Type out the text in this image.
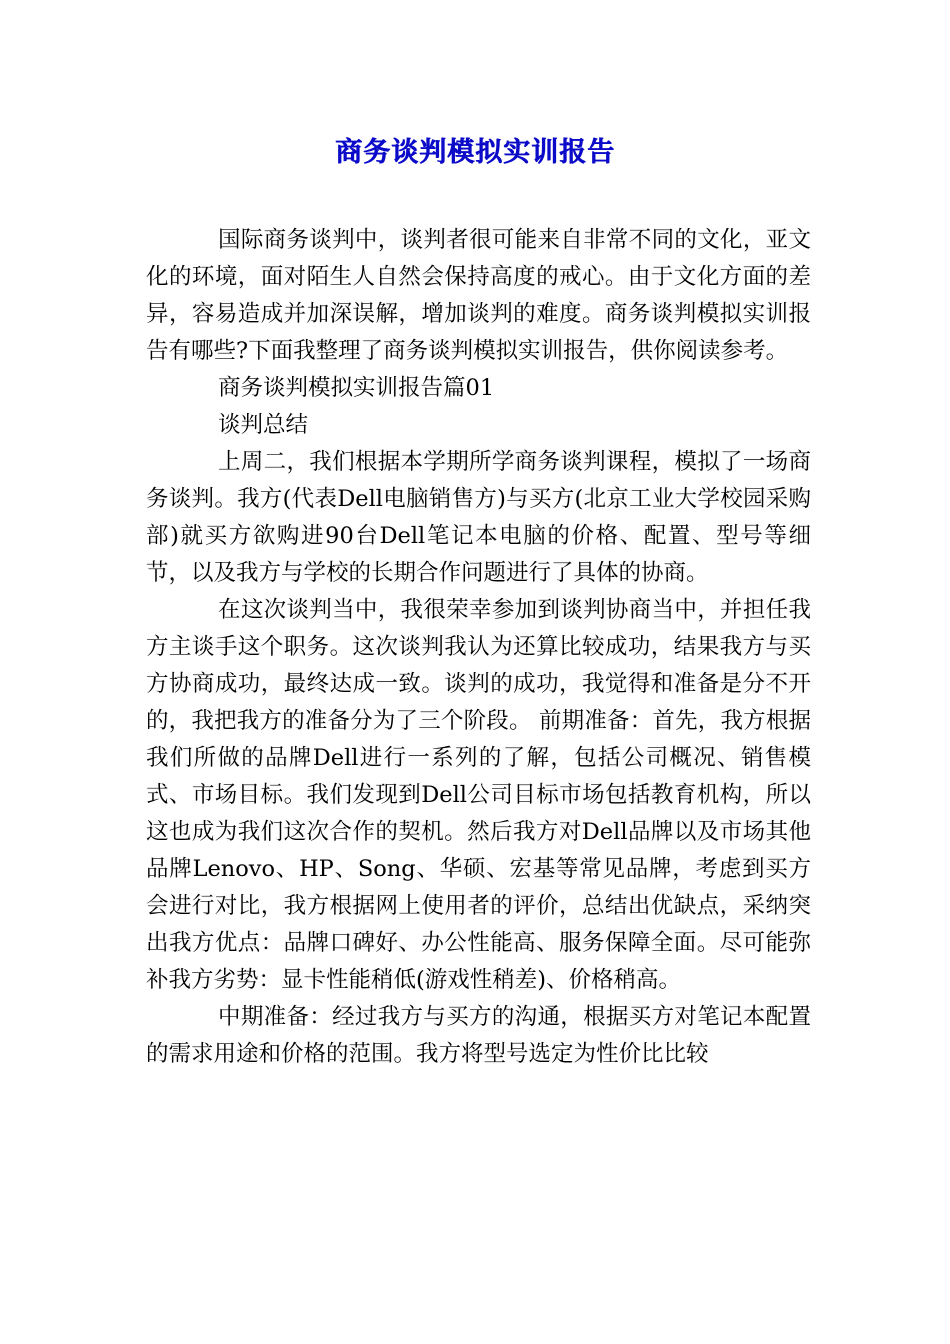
商务谈判模拟实训报告

国际商务谈判中，谈判者很可能来自非常不同的文化，亚文化的环境，面对陌生人自然会保持高度的戒心。由于文化方面的差异，容易造成并加深误解，增加谈判的难度。商务谈判模拟实训报告有哪些?下面我整理了商务谈判模拟实训报告，供你阅读参考。

商务谈判模拟实训报告篇01

谈判总结

上周二，我们根据本学期所学商务谈判课程，模拟了一场商务谈判。我方(代表Dell电脑销售方)与买方(北京工业大学校园采购部)就买方欲购进90台Dell笔记本电脑的价格、配置、型号等细节，以及我方与学校的长期合作问题进行了具体的协商。

在这次谈判当中，我很荣幸参加到谈判协商当中，并担任我方主谈手这个职务。这次谈判我认为还算比较成功，结果我方与买方协商成功，最终达成一致。谈判的成功，我觉得和准备是分不开的，我把我方的准备分为了三个阶段。 前期准备：首先，我方根据我们所做的品牌Dell进行一系列的了解，包括公司概况、销售模式、市场目标。我们发现到Dell公司目标市场包括教育机构，所以这也成为我们这次合作的契机。然后我方对Dell品牌以及市场其他品牌Lenovo、HP、Song、华硕、宏基等常见品牌，考虑到买方会进行对比，我方根据网上使用者的评价，总结出优缺点，采纳突出我方优点：品牌口碑好、办公性能高、服务保障全面。尽可能弥补我方劣势：显卡性能稍低(游戏性稍差)、价格稍高。

中期准备：经过我方与买方的沟通，根据买方对笔记本配置的需求用途和价格的范围。我方将型号选定为性价比比较
